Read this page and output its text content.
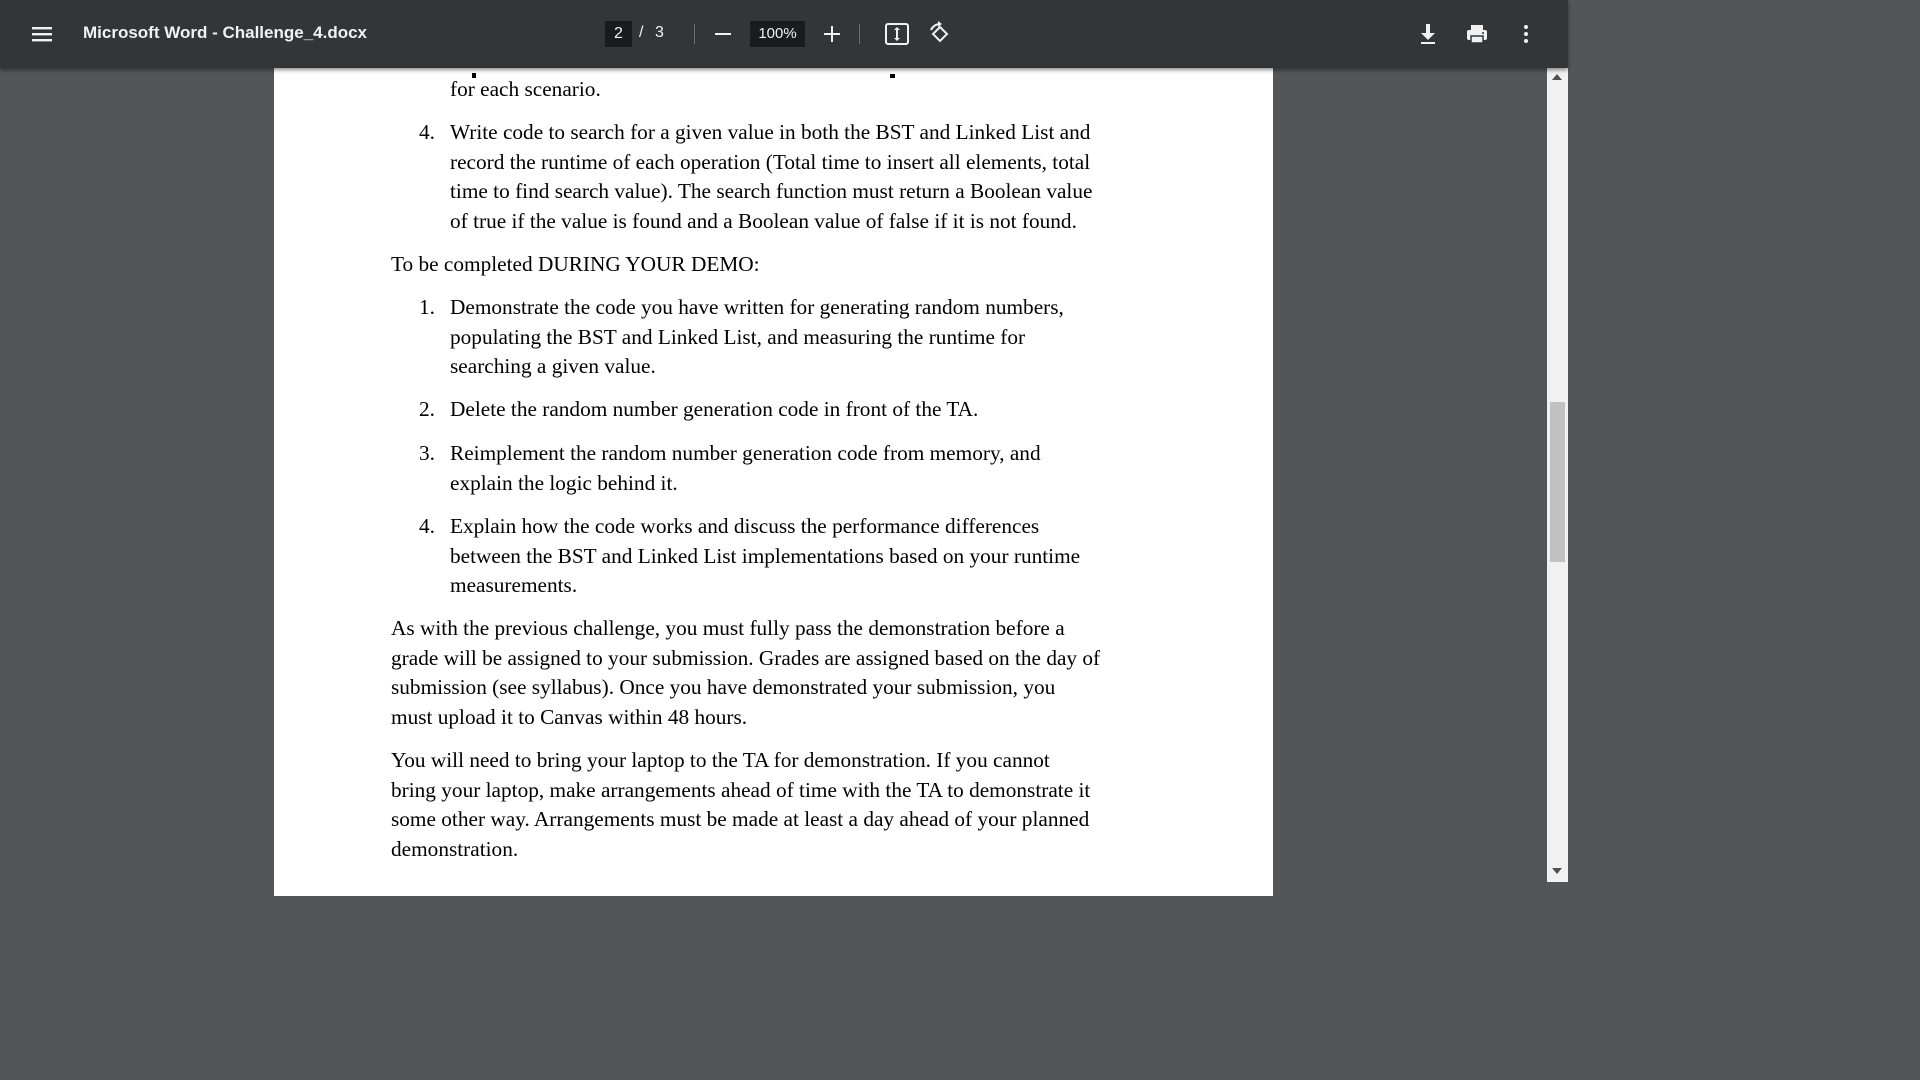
Microsoft Word - Challenge_4.docx	2	/ 3	100%
for each scenario.
4. Write code to search for a given value in both the BST and Linked List and
record the runtime of each operation (Total time to insert all elements, total
time to find search value). The search function must return a Boolean value
of true if the value is found and a Boolean value of false if it is not found.
To be completed DURING YOUR DEMO:
1. Demonstrate the code you have written for generating random numbers,
populating the BST and Linked List, and measuring the runtime for
searching a given value.
2. Delete the random number generation code in front of the TA.
3. Reimplement the random number generation code from memory, and
explain the logic behind it.
4. Explain how the code works and discuss the performance differences
between the BST and Linked List implementations based on your runtime
measurements.
As with the previous challenge, you must fully pass the demonstration before a
grade will be assigned to your submission. Grades are assigned based on the day of
submission (see syllabus). Once you have demonstrated your submission, you
must upload it to Canvas within 48 hours.
You will need to bring your laptop to the TA for demonstration. If you cannot
bring your laptop, make arrangements ahead of time with the TA to demonstrate it
some other way. Arrangements must be made at least a day ahead of your planned
demonstration.
